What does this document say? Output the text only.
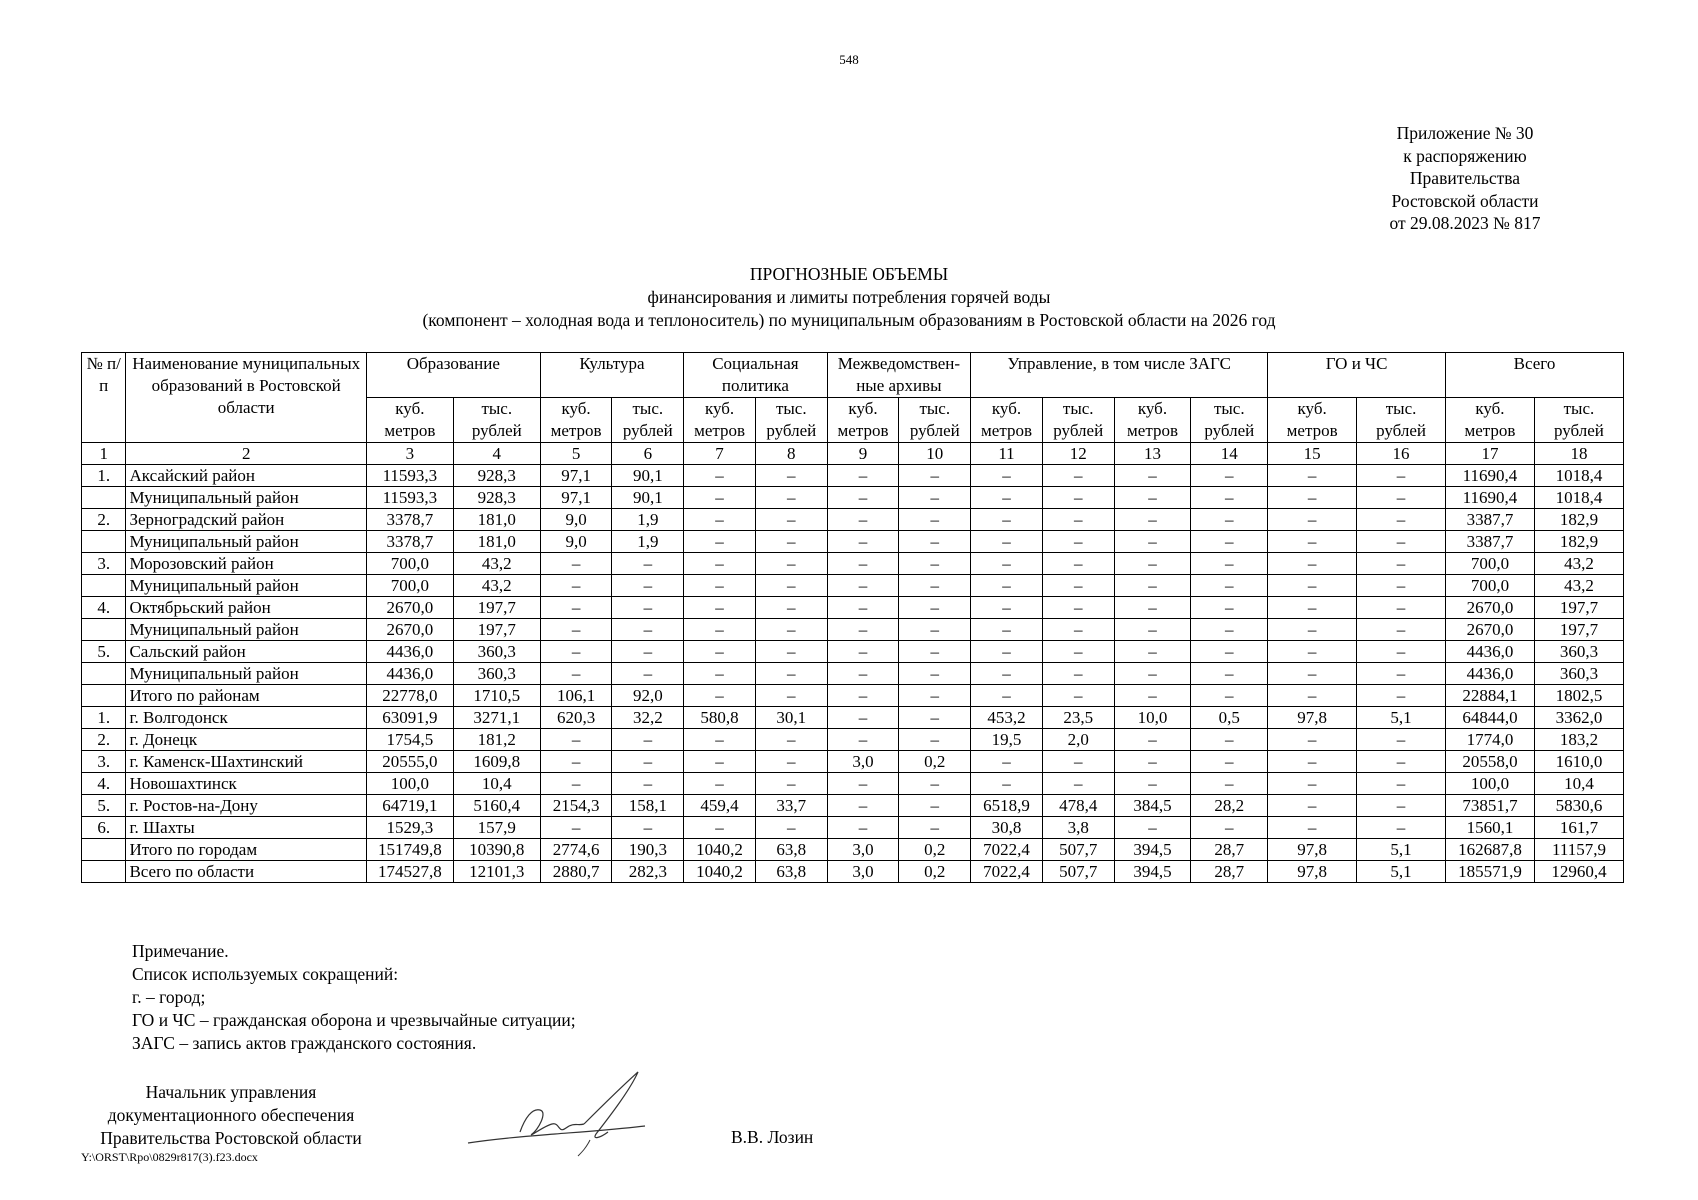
548
Приложение № 30
к распоряжению
Правительства
Ростовской области
от 29.08.2023 № 817
ПРОГНОЗНЫЕ ОБЪЕМЫ
финансирования и лимиты потребления горячей воды
(компонент – холодная вода и теплоноситель) по муниципальным образованиям в Ростовской области на 2026 год
№ п/п	Наименование муниципальных образований в Ростовской области	Образование		Культура		Социальная политика		Межведомствен-ные архивы		Управление, в том числе ЗАГС				ГО и ЧС		Всего	
		куб. метров	тыс. рублей	куб. метров	тыс. рублей	куб. метров	тыс. рублей	куб. метров	тыс. рублей	куб. метров	тыс. рублей	куб. метров	тыс. рублей	куб. метров	тыс. рублей	куб. метров	тыс. рублей
1	2	3	4	5	6	7	8	9	10	11	12	13	14	15	16	17	18
1.	Аксайский район	11593,3	928,3	97,1	90,1	–	–	–	–	–	–	–	–	–	–	11690,4	1018,4
	Муниципальный район	11593,3	928,3	97,1	90,1	–	–	–	–	–	–	–	–	–	–	11690,4	1018,4
2.	Зерноградский район	3378,7	181,0	9,0	1,9	–	–	–	–	–	–	–	–	–	–	3387,7	182,9
	Муниципальный район	3378,7	181,0	9,0	1,9	–	–	–	–	–	–	–	–	–	–	3387,7	182,9
3.	Морозовский район	700,0	43,2	–	–	–	–	–	–	–	–	–	–	–	–	700,0	43,2
	Муниципальный район	700,0	43,2	–	–	–	–	–	–	–	–	–	–	–	–	700,0	43,2
4.	Октябрьский район	2670,0	197,7	–	–	–	–	–	–	–	–	–	–	–	–	2670,0	197,7
	Муниципальный район	2670,0	197,7	–	–	–	–	–	–	–	–	–	–	–	–	2670,0	197,7
5.	Сальский район	4436,0	360,3	–	–	–	–	–	–	–	–	–	–	–	–	4436,0	360,3
	Муниципальный район	4436,0	360,3	–	–	–	–	–	–	–	–	–	–	–	–	4436,0	360,3
	Итого по районам	22778,0	1710,5	106,1	92,0	–	–	–	–	–	–	–	–	–	–	22884,1	1802,5
1.	г. Волгодонск	63091,9	3271,1	620,3	32,2	580,8	30,1	–	–	453,2	23,5	10,0	0,5	97,8	5,1	64844,0	3362,0
2.	г. Донецк	1754,5	181,2	–	–	–	–	–	–	19,5	2,0	–	–	–	–	1774,0	183,2
3.	г. Каменск-Шахтинский	20555,0	1609,8	–	–	–	–	3,0	0,2	–	–	–	–	–	–	20558,0	1610,0
4.	Новошахтинск	100,0	10,4	–	–	–	–	–	–	–	–	–	–	–	–	100,0	10,4
5.	г. Ростов-на-Дону	64719,1	5160,4	2154,3	158,1	459,4	33,7	–	–	6518,9	478,4	384,5	28,2	–	–	73851,7	5830,6
6.	г. Шахты	1529,3	157,9	–	–	–	–	–	–	30,8	3,8	–	–	–	–	1560,1	161,7
	Итого по городам	151749,8	10390,8	2774,6	190,3	1040,2	63,8	3,0	0,2	7022,4	507,7	394,5	28,7	97,8	5,1	162687,8	11157,9
	Всего по области	174527,8	12101,3	2880,7	282,3	1040,2	63,8	3,0	0,2	7022,4	507,7	394,5	28,7	97,8	5,1	185571,9	12960,4
Примечание.
Список используемых сокращений:
г. – город;
ГО и ЧС – гражданская оборона и чрезвычайные ситуации;
ЗАГС – запись актов гражданского состояния.
Начальник управления
документационного обеспечения
Правительства Ростовской области	В.В. Лозин
Y:\ORST\Rpo\0829r817(3).f23.docx
